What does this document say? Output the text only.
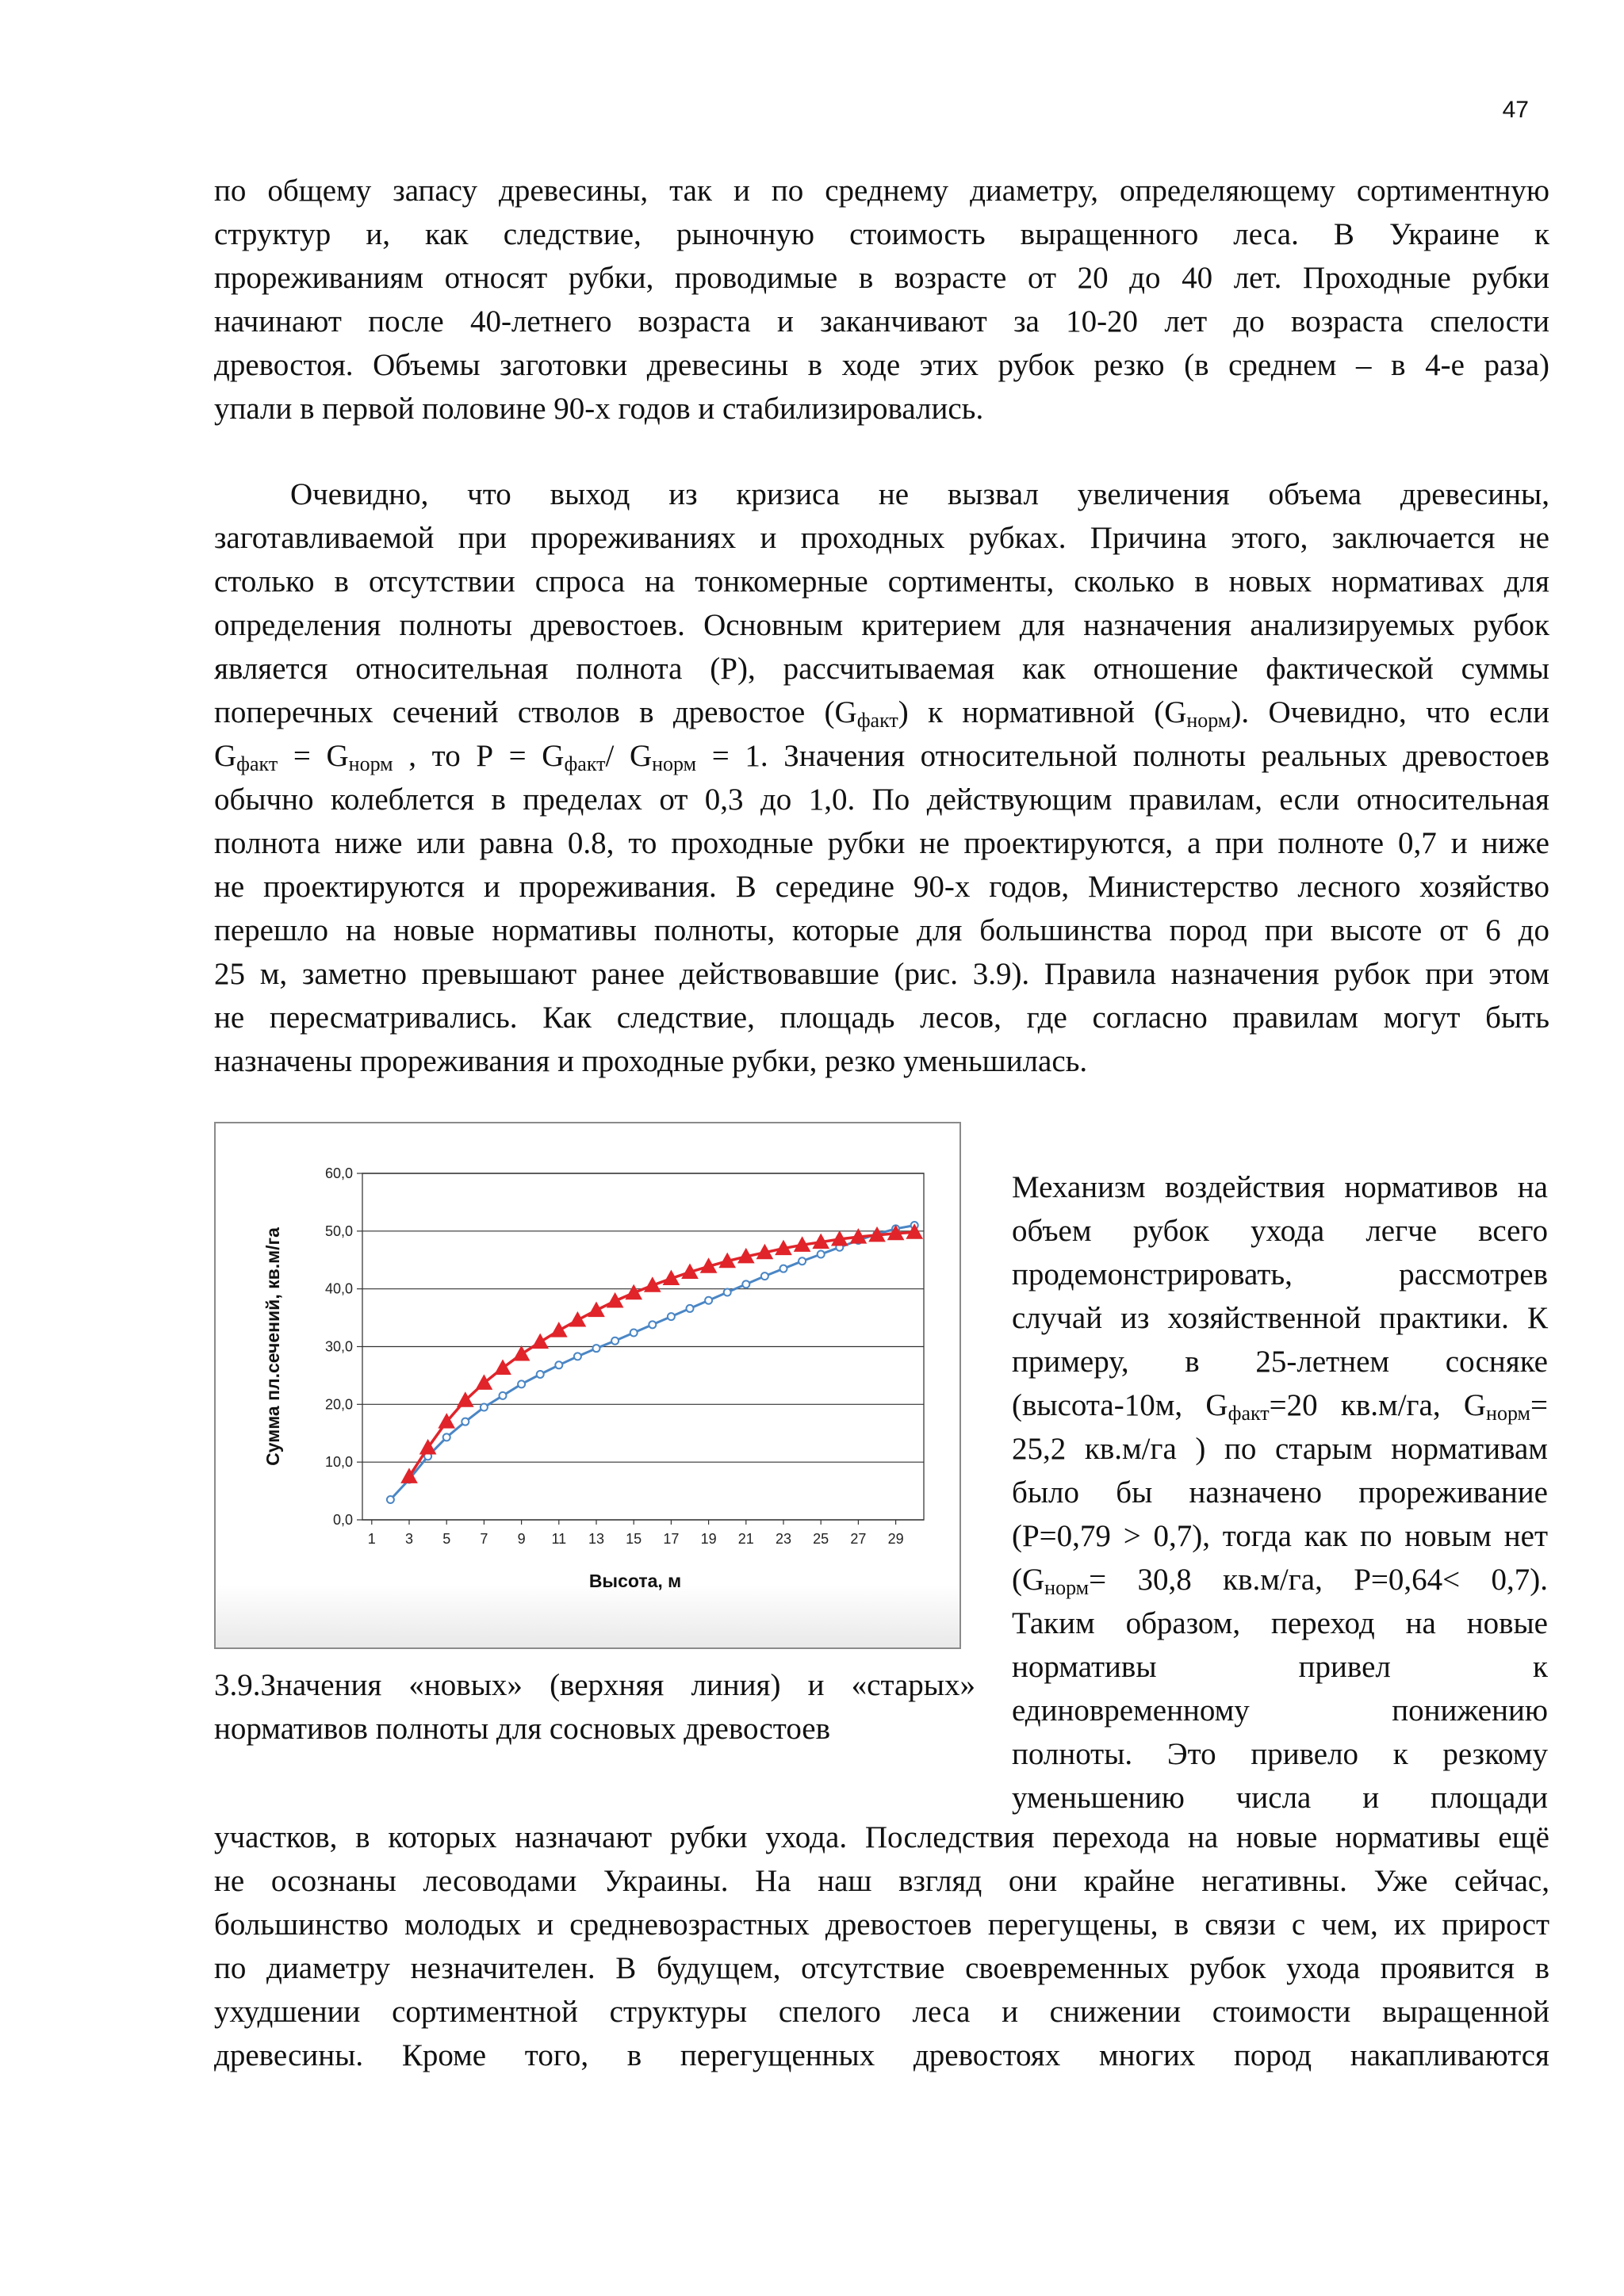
47

по общему запасу древесины, так и по среднему диаметру, определяющему сортиментную
структур и, как следствие, рыночную стоимость выращенного леса. В Украине к
прореживаниям относят рубки, проводимые в возрасте от 20 до 40 лет. Проходные рубки
начинают после 40-летнего возраста и заканчивают за 10-20 лет до возраста спелости
древостоя. Объемы заготовки древесины в ходе этих рубок резко (в среднем – в 4-е раза)
упали в первой половине 90-х годов и стабилизировались.

Очевидно, что выход из кризиса не вызвал увеличения объема древесины,
заготавливаемой при прореживаниях и проходных рубках. Причина этого, заключается не
столько в отсутствии спроса на тонкомерные сортименты, сколько в новых нормативах для
определения полноты древостоев. Основным критерием для назначения анализируемых рубок
является относительная полнота (Р), рассчитываемая как отношение фактической суммы
поперечных сечений стволов в древостое $(G_{факт})$ к нормативной $(G_{норм})$. Очевидно, что если
$G_{факт} = G_{норм}$ , то $Р = G_{факт}/$ $G_{норм} = 1$. Значения относительной полноты реальных древостоев
обычно колеблется в пределах от 0,3 до 1,0. По действующим правилам, если относительная
полнота ниже или равна 0.8, то проходные рубки не проектируются, а при полноте 0,7 и ниже
не проектируются и прореживания. В середине 90-х годов, Министерство лесного хозяйство
перешло на новые нормативы полноты, которые для большинства пород при высоте от 6 до
25 м, заметно превышают ранее действовавшие (рис. 3.9). Правила назначения рубок при этом
не пересматривались. Как следствие, площадь лесов, где согласно правилам могут быть
назначены прореживания и проходные рубки, резко уменьшилась.

0,0
10,0
20,0
30,0
40,0
50,0
60,0
1 3 5 7 9 11 13 15 17 19 21 23 25 27 29
Высота, м
Сумма пл.сечений, кв.м/га

3.9.Значения «новых» (верхняя линия) и «старых»
нормативов полноты для сосновых древостоев

Механизм воздействия нормативов на
объем рубок ухода легче всего
продемонстрировать, рассмотрев
случай из хозяйственной практики. К
примеру, в 25-летнем сосняке
(высота-10м, $G_{факт}=20$ кв.м/га, $G_{норм}=$
25,2 кв.м/га ) по старым нормативам
было бы назначено прореживание
(Р=0,79 > 0,7), тогда как по новым нет
($G_{норм}= 30,8$ кв.м/га, Р=0,64< 0,7).
Таким образом, переход на новые
нормативы привел к
единовременному понижению
полноты. Это привело к резкому
уменьшению числа и площади

участков, в которых назначают рубки ухода. Последствия перехода на новые нормативы ещё
не осознаны лесоводами Украины. На наш взгляд они крайне негативны. Уже сейчас,
большинство молодых и средневозрастных древостоев перегущены, в связи с чем, их прирост
по диаметру незначителен. В будущем, отсутствие своевременных рубок ухода проявится в
ухудшении сортиментной структуры спелого леса и снижении стоимости выращенной
древесины. Кроме того, в перегущенных древостоях многих пород накапливаются
